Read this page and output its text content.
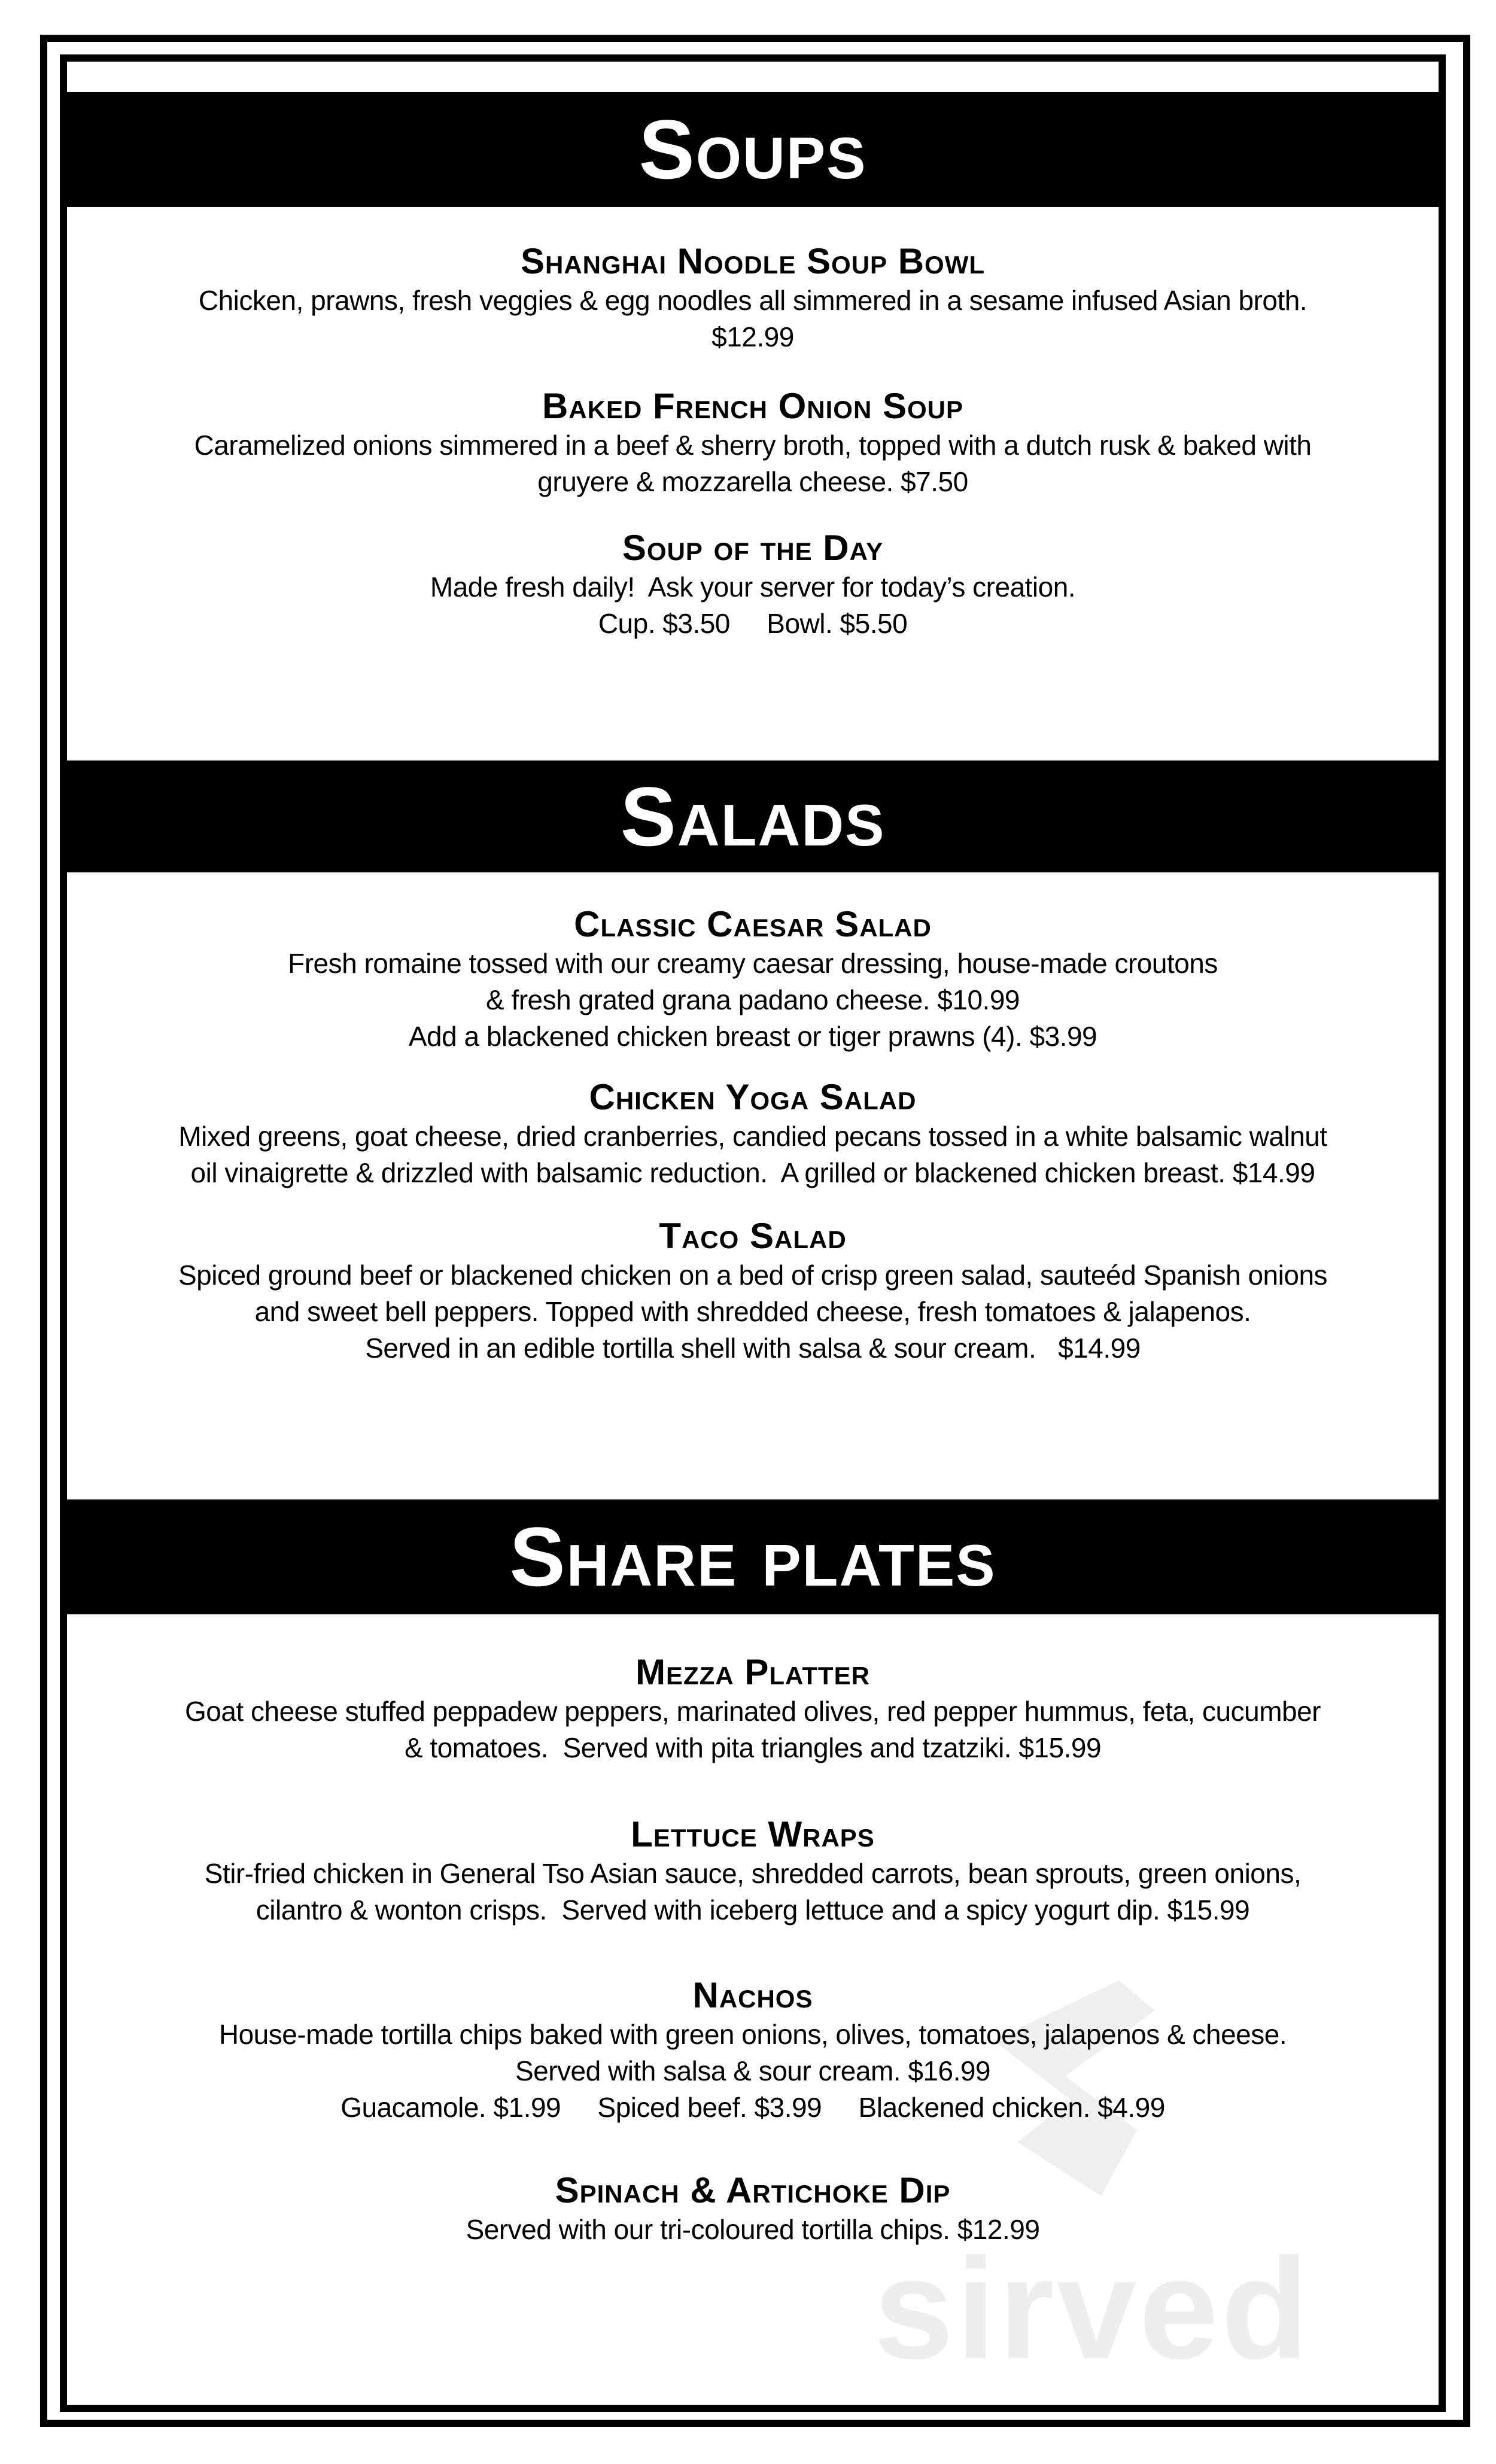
sirved
Soups
Shanghai Noodle Soup Bowl
Chicken, prawns, fresh veggies & egg noodles all simmered in a sesame infused Asian broth.
$12.99
Baked French Onion Soup
Caramelized onions simmered in a beef & sherry broth, topped with a dutch rusk & baked with
gruyere & mozzarella cheese. $7.50
Soup of the Day
Made fresh daily!  Ask your server for today’s creation.
Cup. $3.50     Bowl. $5.50
Salads
Classic Caesar Salad
Fresh romaine tossed with our creamy caesar dressing, house-made croutons
& fresh grated grana padano cheese. $10.99
Add a blackened chicken breast or tiger prawns (4). $3.99
Chicken Yoga Salad
Mixed greens, goat cheese, dried cranberries, candied pecans tossed in a white balsamic walnut
oil vinaigrette & drizzled with balsamic reduction.  A grilled or blackened chicken breast. $14.99
Taco Salad
Spiced ground beef or blackened chicken on a bed of crisp green salad, sauteéd Spanish onions
and sweet bell peppers. Topped with shredded cheese, fresh tomatoes & jalapenos.
Served in an edible tortilla shell with salsa & sour cream.   $14.99
Share plates
Mezza Platter
Goat cheese stuffed peppadew peppers, marinated olives, red pepper hummus, feta, cucumber
& tomatoes.  Served with pita triangles and tzatziki. $15.99
Lettuce Wraps
Stir-fried chicken in General Tso Asian sauce, shredded carrots, bean sprouts, green onions,
cilantro & wonton crisps.  Served with iceberg lettuce and a spicy yogurt dip. $15.99
Nachos
House-made tortilla chips baked with green onions, olives, tomatoes, jalapenos & cheese.
Served with salsa & sour cream. $16.99
Guacamole. $1.99     Spiced beef. $3.99     Blackened chicken. $4.99
Spinach & Artichoke Dip
Served with our tri-coloured tortilla chips. $12.99
